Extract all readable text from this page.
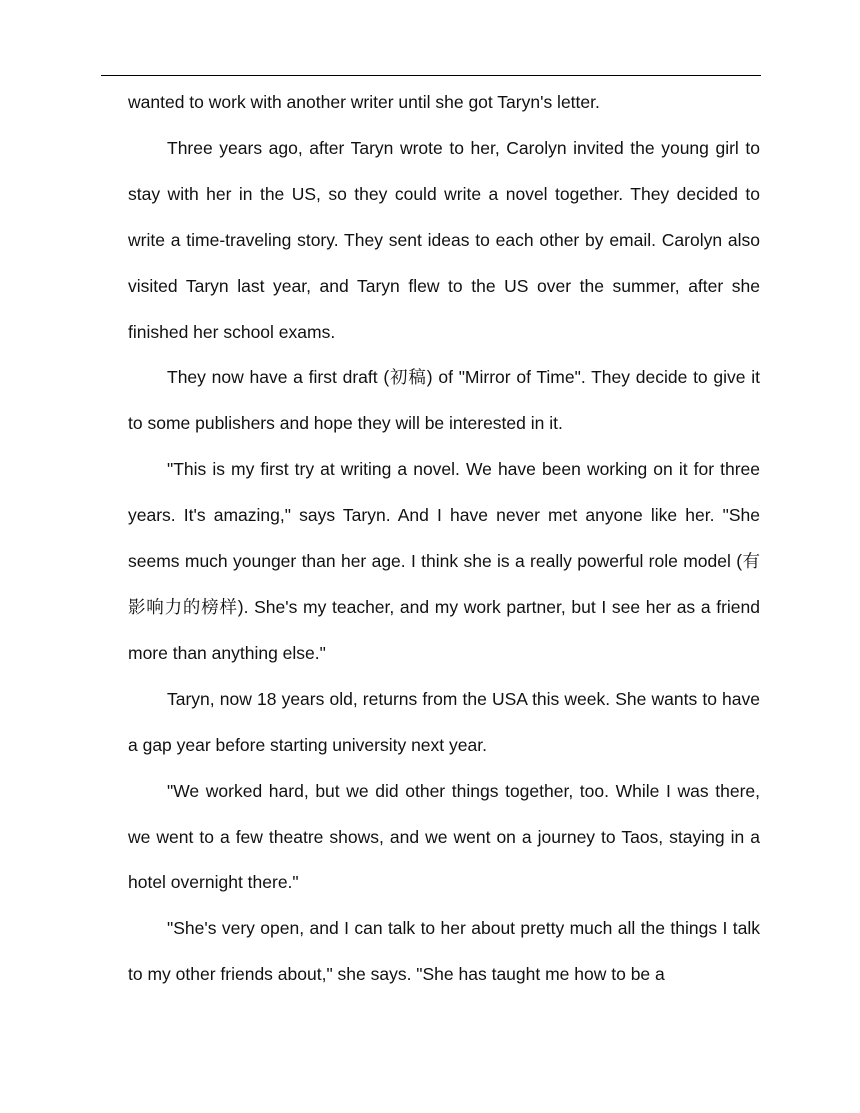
wanted to work with another writer until she got Taryn's letter.

Three years ago, after Taryn wrote to her, Carolyn invited the young girl to stay with her in the US, so they could write a novel together. They decided to write a time-traveling story. They sent ideas to each other by email. Carolyn also visited Taryn last year, and Taryn flew to the US over the summer, after she finished her school exams.

They now have a first draft (初稿) of "Mirror of Time". They decide to give it to some publishers and hope they will be interested in it.

"This is my first try at writing a novel. We have been working on it for three years. It's amazing," says Taryn. And I have never met anyone like her. "She seems much younger than her age. I think she is a really powerful role model (有影响力的榜样). She's my teacher, and my work partner, but I see her as a friend more than anything else."

Taryn, now 18 years old, returns from the USA this week. She wants to have a gap year before starting university next year.

"We worked hard, but we did other things together, too. While I was there, we went to a few theatre shows, and we went on a journey to Taos, staying in a hotel overnight there."

"She's very open, and I can talk to her about pretty much all the things I talk to my other friends about," she says. "She has taught me how to be a
